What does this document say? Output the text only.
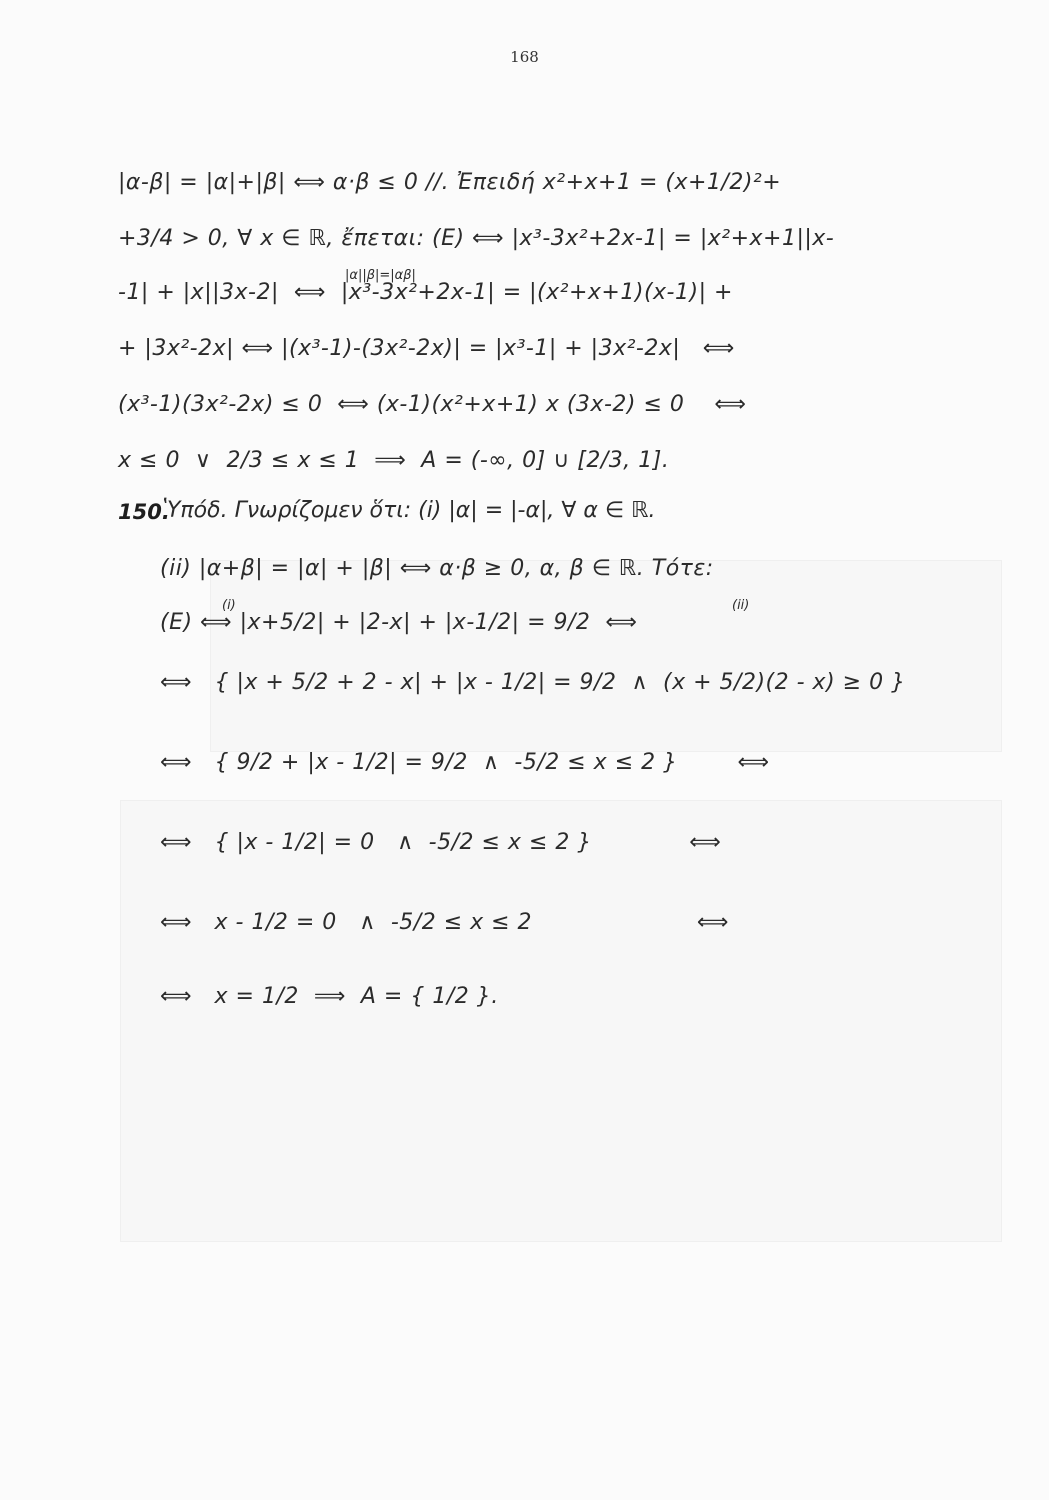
168
|α-β| = |α|+|β| ⟺ α·β ≤ 0 //. Ἐπειδή x²+x+1 = (x+1/2)²+
+3/4 > 0, ∀ x ∈ ℝ, ἔπεται: (E) ⟺ |x³-3x²+2x-1| = |x²+x+1||x-
|α||β|=|αβ|
-1| + |x||3x-2|  ⟺  |x³-3x²+2x-1| = |(x²+x+1)(x-1)| +
+ |3x²-2x| ⟺ |(x³-1)-(3x²-2x)| = |x³-1| + |3x²-2x|   ⟺
(x³-1)(3x²-2x) ≤ 0  ⟺ (x-1)(x²+x+1) x (3x-2) ≤ 0    ⟺
x ≤ 0  ∨  2/3 ≤ x ≤ 1  ⟹  A = (-∞, 0] ∪ [2/3, 1].
150.
ʽΥπόδ. Γνωρίζομεν ὅτι: (i) |α| = |-α|, ∀ α ∈ ℝ.
(ii) |α+β| = |α| + |β| ⟺ α·β ≥ 0, α, β ∈ ℝ. Τότε:
(i)	(ii)
(E) ⟺ |x+5/2| + |2-x| + |x-1/2| = 9/2  ⟺
⟺   { |x + 5/2 + 2 - x| + |x - 1/2| = 9/2  ∧  (x + 5/2)(2 - x) ≥ 0 }
⟺   { 9/2 + |x - 1/2| = 9/2  ∧  -5/2 ≤ x ≤ 2 }        ⟺
⟺   { |x - 1/2| = 0   ∧  -5/2 ≤ x ≤ 2 }             ⟺
⟺   x - 1/2 = 0   ∧  -5/2 ≤ x ≤ 2                      ⟺
⟺   x = 1/2  ⟹  A = { 1/2 }.
